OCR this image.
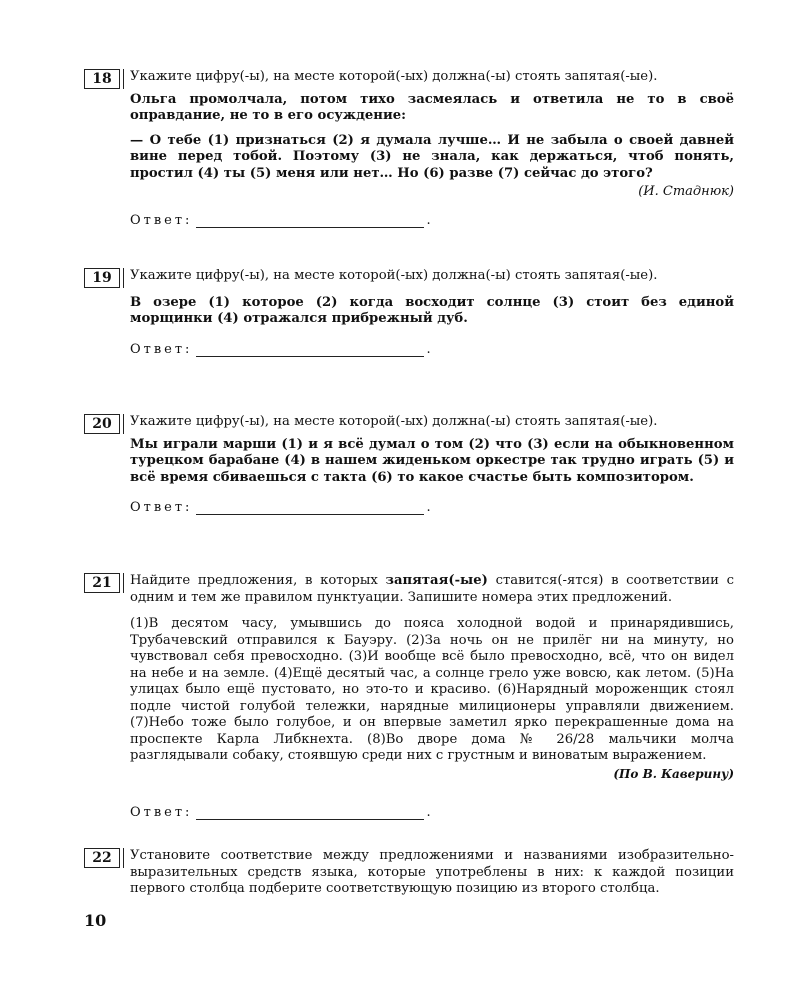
18	Укажите цифру(-ы), на месте которой(-ых) должна(-ы) стоять запятая(-ые).

Ольга промолчала, потом тихо засмеялась и ответила не то в своё оправдание, не то в его осуждение:

— О тебе (1) признаться (2) я думала лучше… И не забыла о своей давней вине перед тобой. Поэтому (3) не знала, как держаться, чтоб понять, простил (4) ты (5) меня или нет… Но (6) разве (7) сейчас до этого?

(И. Стаднюк)

Ответ:	.
19	Укажите цифру(-ы), на месте которой(-ых) должна(-ы) стоять запятая(-ые).

В озере (1) которое (2) когда восходит солнце (3) стоит без единой морщинки (4) отражался прибрежный дуб.

Ответ:	.
20	Укажите цифру(-ы), на месте которой(-ых) должна(-ы) стоять запятая(-ые).

Мы играли марши (1) и я всё думал о том (2) что (3) если на обыкновенном турецком барабане (4) в нашем жиденьком оркестре так трудно играть (5) и всё время сбиваешься с такта (6) то какое счастье быть композитором.

Ответ:	.
21	Найдите предложения, в которых запятая(-ые) ставится(-ятся) в соответствии с одним и тем же правилом пунктуации. Запишите номера этих предложений.

(1)В десятом часу, умывшись до пояса холодной водой и принарядившись, Трубачевский отправился к Бауэру. (2)За ночь он не прилёг ни на минуту, но чувствовал себя превосходно. (3)И вообще всё было превосходно, всё, что он видел на небе и на земле. (4)Ещё десятый час, а солнце грело уже вовсю, как летом. (5)На улицах было ещё пустовато, но это-то и красиво. (6)Нарядный мороженщик стоял подле чистой голубой тележки, нарядные милиционеры управляли движением. (7)Небо тоже было голубое, и он впервые заметил ярко перекрашенные дома на проспекте Карла Либкнехта. (8)Во дворе дома № 26/28 мальчики молча разглядывали собаку, стоявшую среди них с грустным и виноватым выражением.

(По В. Каверину)

Ответ:	.
22	Установите соответствие между предложениями и названиями изобразительно-выразительных средств языка, которые употреблены в них: к каждой позиции первого столбца подберите соответствующую позицию из второго столбца.

10
